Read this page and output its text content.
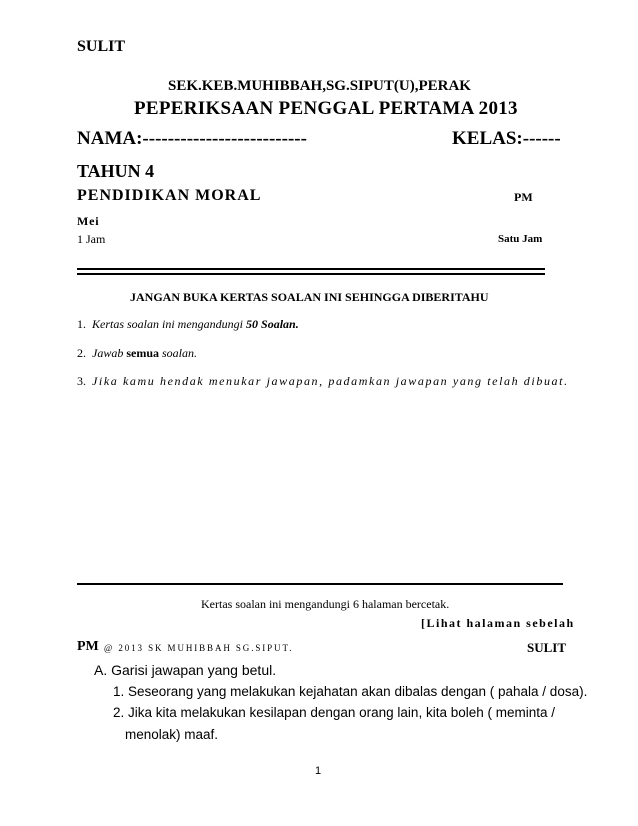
SULIT
SEK.KEB.MUHIBBAH,SG.SIPUT(U),PERAK
PEPERIKSAAN PENGGAL PERTAMA 2013
NAMA:--------------------------	KELAS:------
TAHUN 4
PENDIDIKAN MORAL	PM
Mei
1 Jam	Satu Jam
JANGAN BUKA KERTAS SOALAN INI SEHINGGA DIBERITAHU
1. Kertas soalan ini mengandungi 50 Soalan.
2. Jawab semua soalan.
3. Jika kamu hendak menukar jawapan, padamkan jawapan yang telah dibuat.
Kertas soalan ini mengandungi 6 halaman bercetak.
[Lihat halaman sebelah
PM @ 2013 SK MUHIBBAH SG.SIPUT.	SULIT
A. Garisi jawapan yang betul.
1. Seseorang yang melakukan kejahatan akan dibalas dengan ( pahala / dosa).
2. Jika kita melakukan kesilapan dengan orang lain, kita boleh ( meminta /
menolak) maaf.
1
